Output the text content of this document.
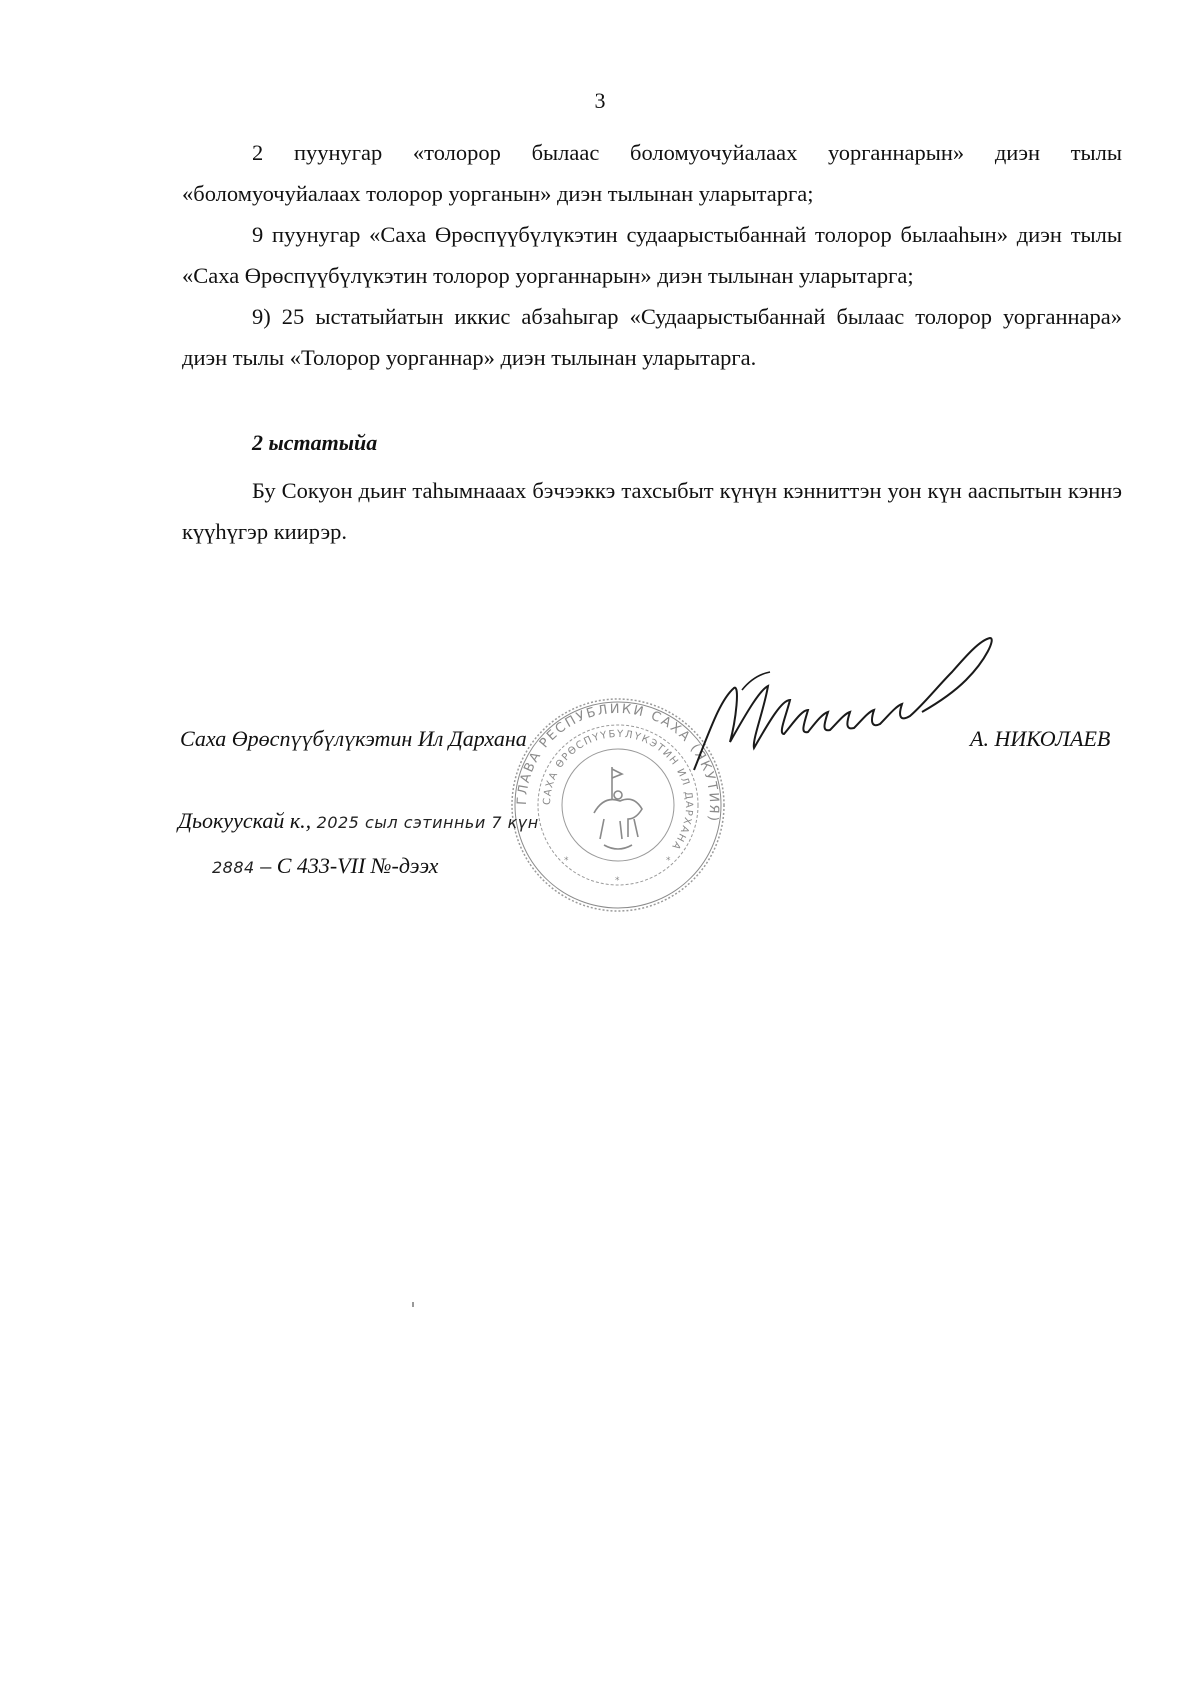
3

2 пуунугар «толорор былаас боломуочуйалаах уорганнарын» диэн тылы «боломуочуйалаах толорор уорганын» диэн тылынан уларытарга;

9 пуунугар «Саха Өрөспүүбүлүкэтин судаарыстыбаннай толорор былааһын» диэн тылы «Саха Өрөспүүбүлүкэтин толорор уорганнарын» диэн тылынан уларытарга;

9) 25 ыстатыйатын иккис абзаһыгар «Судаарыстыбаннай былаас толорор уорганнара» диэн тылы «Толорор уорганнар» диэн тылынан уларытарга.

2 ыстатыйа

Бу Сокуон дьиҥ таһымнааах бэчээккэ тахсыбыт күнүн кэнниттэн уон күн ааспытын кэннэ күүһүгэр киирэр.

ГЛАВА РЕСПУБЛИКИ САХА (ЯКУТИЯ)
САХА ӨРӨСПҮҮБҮЛҮКЭТИН ИЛ ДАРХАНА
*	*
*
Саха Өрөспүүбүлүкэтин Ил Дархана	А. НИКОЛАЕВ
Дьокуускай к., 2025 сыл сэтинньи 7 күн
2884 – С 433-VII №-дээх
